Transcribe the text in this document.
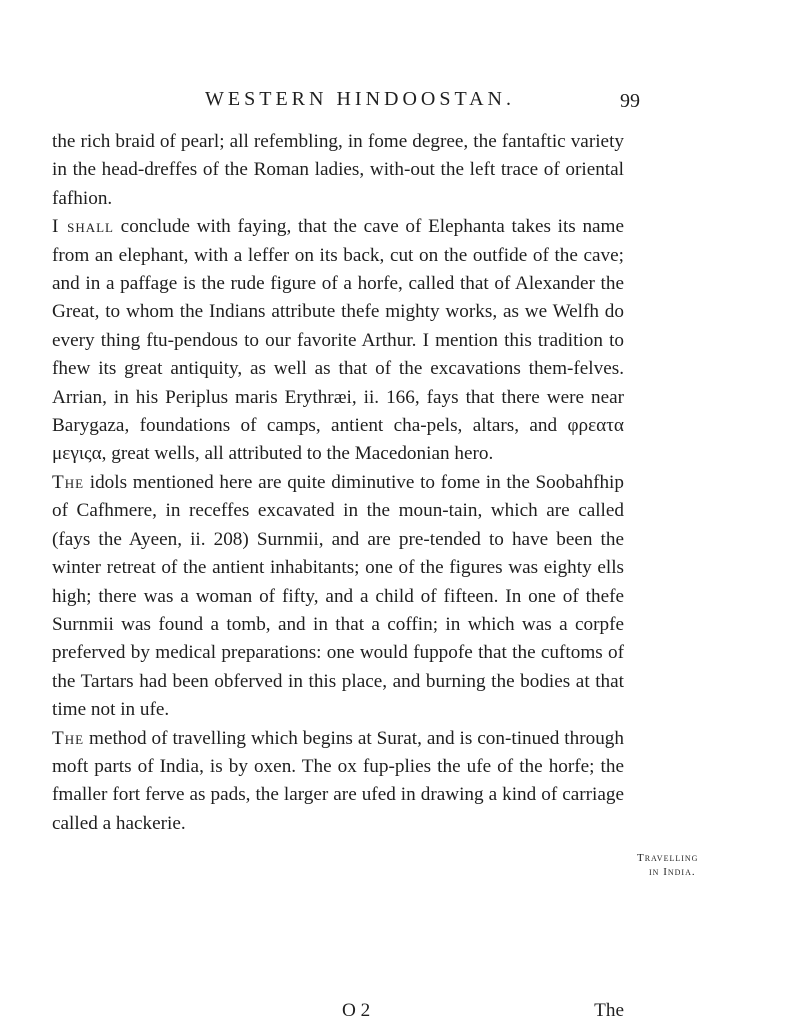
WESTERN HINDOOSTAN.	99

the rich braid of pearl; all refembling, in fome degree, the fantaftic variety in the head-dreffes of the Roman ladies, with-out the left trace of oriental fafhion.

I shall conclude with faying, that the cave of Elephanta takes its name from an elephant, with a leffer on its back, cut on the outfide of the cave; and in a paffage is the rude figure of a horfe, called that of Alexander the Great, to whom the Indians attribute thefe mighty works, as we Welfh do every thing ftu-pendous to our favorite Arthur. I mention this tradition to fhew its great antiquity, as well as that of the excavations them-felves. Arrian, in his Periplus maris Erythræi, ii. 166, fays that there were near Barygaza, foundations of camps, antient cha-pels, altars, and φρεατα μεγιςα, great wells, all attributed to the Macedonian hero.

The idols mentioned here are quite diminutive to fome in the Soobahfhip of Cafhmere, in receffes excavated in the moun-tain, which are called (fays the Ayeen, ii. 208) Surnmii, and are pre-tended to have been the winter retreat of the antient inhabitants; one of the figures was eighty ells high; there was a woman of fifty, and a child of fifteen. In one of thefe Surnmii was found a tomb, and in that a coffin; in which was a corpfe preferved by medical preparations: one would fuppofe that the cuftoms of the Tartars had been obferved in this place, and burning the bodies at that time not in ufe.

The method of travelling which begins at Surat, and is con-tinued through moft parts of India, is by oxen. The ox fup-plies the ufe of the horfe; the fmaller fort ferve as pads, the larger are ufed in drawing a kind of carriage called a hackerie.

Travelling
in India.
O 2	The
